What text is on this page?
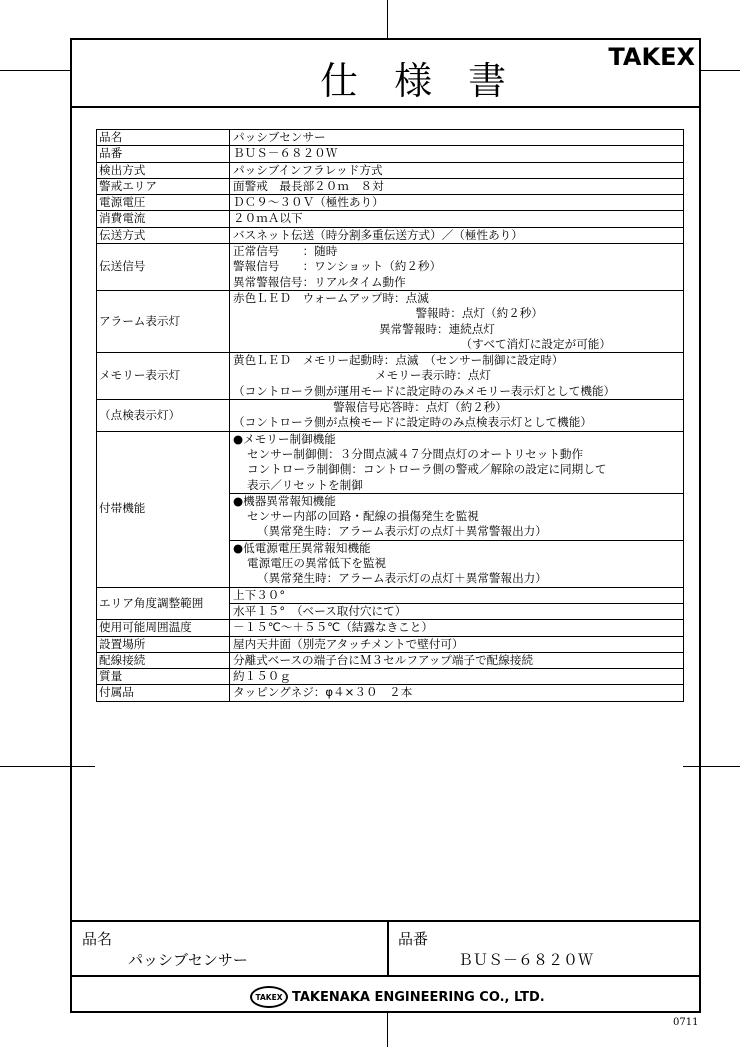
仕 様 書
TAKEX
品名	パッシブセンサー
品番	ＢＵＳ－６８２０Ｗ
検出方式	パッシブインフラレッド方式
警戒エリア	面警戒　最長部２０ｍ　８対
電源電圧	ＤＣ９～３０Ｖ（極性あり）
消費電流	２０ｍＡ以下
伝送方式	バスネット伝送（時分割多重伝送方式）／（極性あり）
伝送信号	正常信号　　：随時
警報信号　　：ワンショット（約２秒）
異常警報信号：リアルタイム動作

アラーム表示灯	赤色ＬＥＤ　ウォームアップ時：点滅
警報時：点灯（約２秒）
異常警報時：連続点灯
（すべて消灯に設定が可能）

メモリー表示灯	黄色ＬＥＤ　メモリー起動時：点滅　（センサー制御に設定時）
メモリー表示時：点灯
（コントローラ側が運用モードに設定時のみメモリー表示灯として機能）

（点検表示灯）	警報信号応答時：点灯（約２秒）
（コントローラ側が点検モードに設定時のみ点検表示灯として機能）

付帯機能	●メモリー制御機能
センサー制御側：３分間点滅４７分間点灯のオートリセット動作
コントローラ制御側：コントローラ側の警戒／解除の設定に同期して
表示／リセットを制御

	●機器異常報知機能
センサー内部の回路・配線の損傷発生を監視
（異常発生時：アラーム表示灯の点灯＋異常警報出力）

	●低電源電圧異常報知機能
電源電圧の異常低下を監視
（異常発生時：アラーム表示灯の点灯＋異常警報出力）

エリア角度調整範囲	上下３０°
	水平１５°　（ベース取付穴にて）
使用可能周囲温度	－１５℃～＋５５℃（結露なきこと）
設置場所	屋内天井面（別売アタッチメントで壁付可）
配線接続	分離式ベースの端子台にＭ３セルフアップ端子で配線接続
質量	約１５０ｇ
付属品	タッピングネジ：φ４×３０　２本
品名
パッシブセンサー
品番
ＢＵＳ－６８２０Ｗ
TAKEX TAKENAKA ENGINEERING CO., LTD.
0711
